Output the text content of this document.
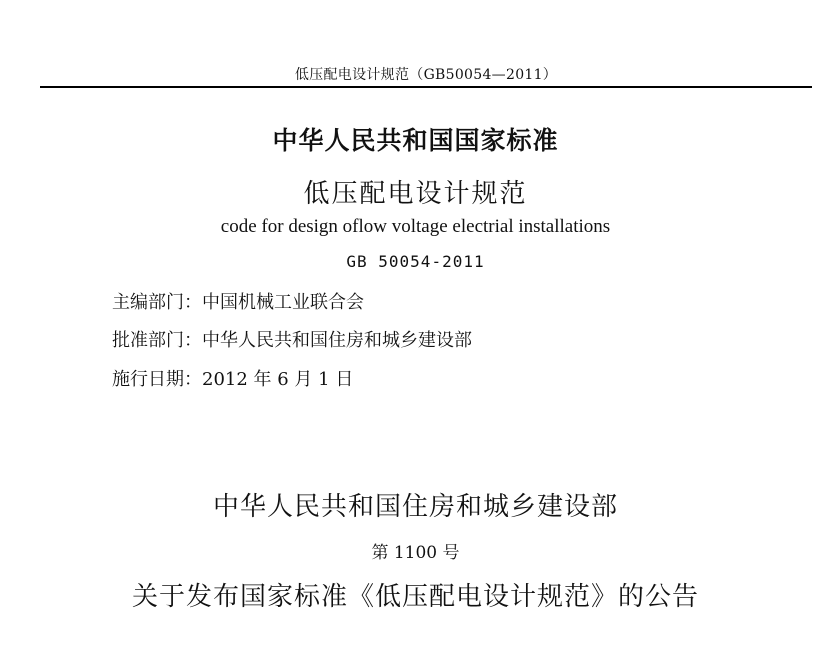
低压配电设计规范（GB50054—2011）
中华人民共和国国家标准
低压配电设计规范
code for design oflow voltage electrial installations
GB 50054-2011
主编部门：中国机械工业联合会
批准部门：中华人民共和国住房和城乡建设部
施行日期：2012 年 6 月 1 日
中华人民共和国住房和城乡建设部
第 1100 号
关于发布国家标准《低压配电设计规范》的公告
